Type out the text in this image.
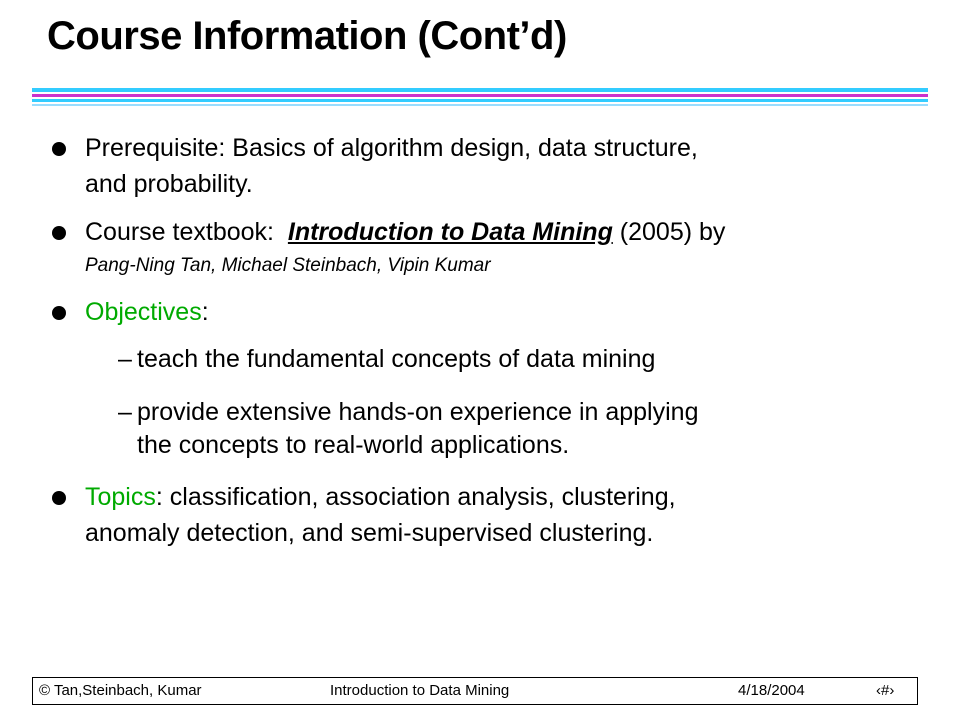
Course Information (Cont’d)
Prerequisite: Basics of algorithm design, data structure,
and probability.
Course textbook:  Introduction to Data Mining (2005) by
Pang-Ning Tan, Michael Steinbach, Vipin Kumar
Objectives:
– teach the fundamental concepts of data mining
– provide extensive hands-on experience in applying
the concepts to real-world applications.
Topics: classification, association analysis, clustering,
anomaly detection, and semi-supervised clustering.
© Tan,Steinbach, Kumar	Introduction to Data Mining	4/18/2004	‹#›
